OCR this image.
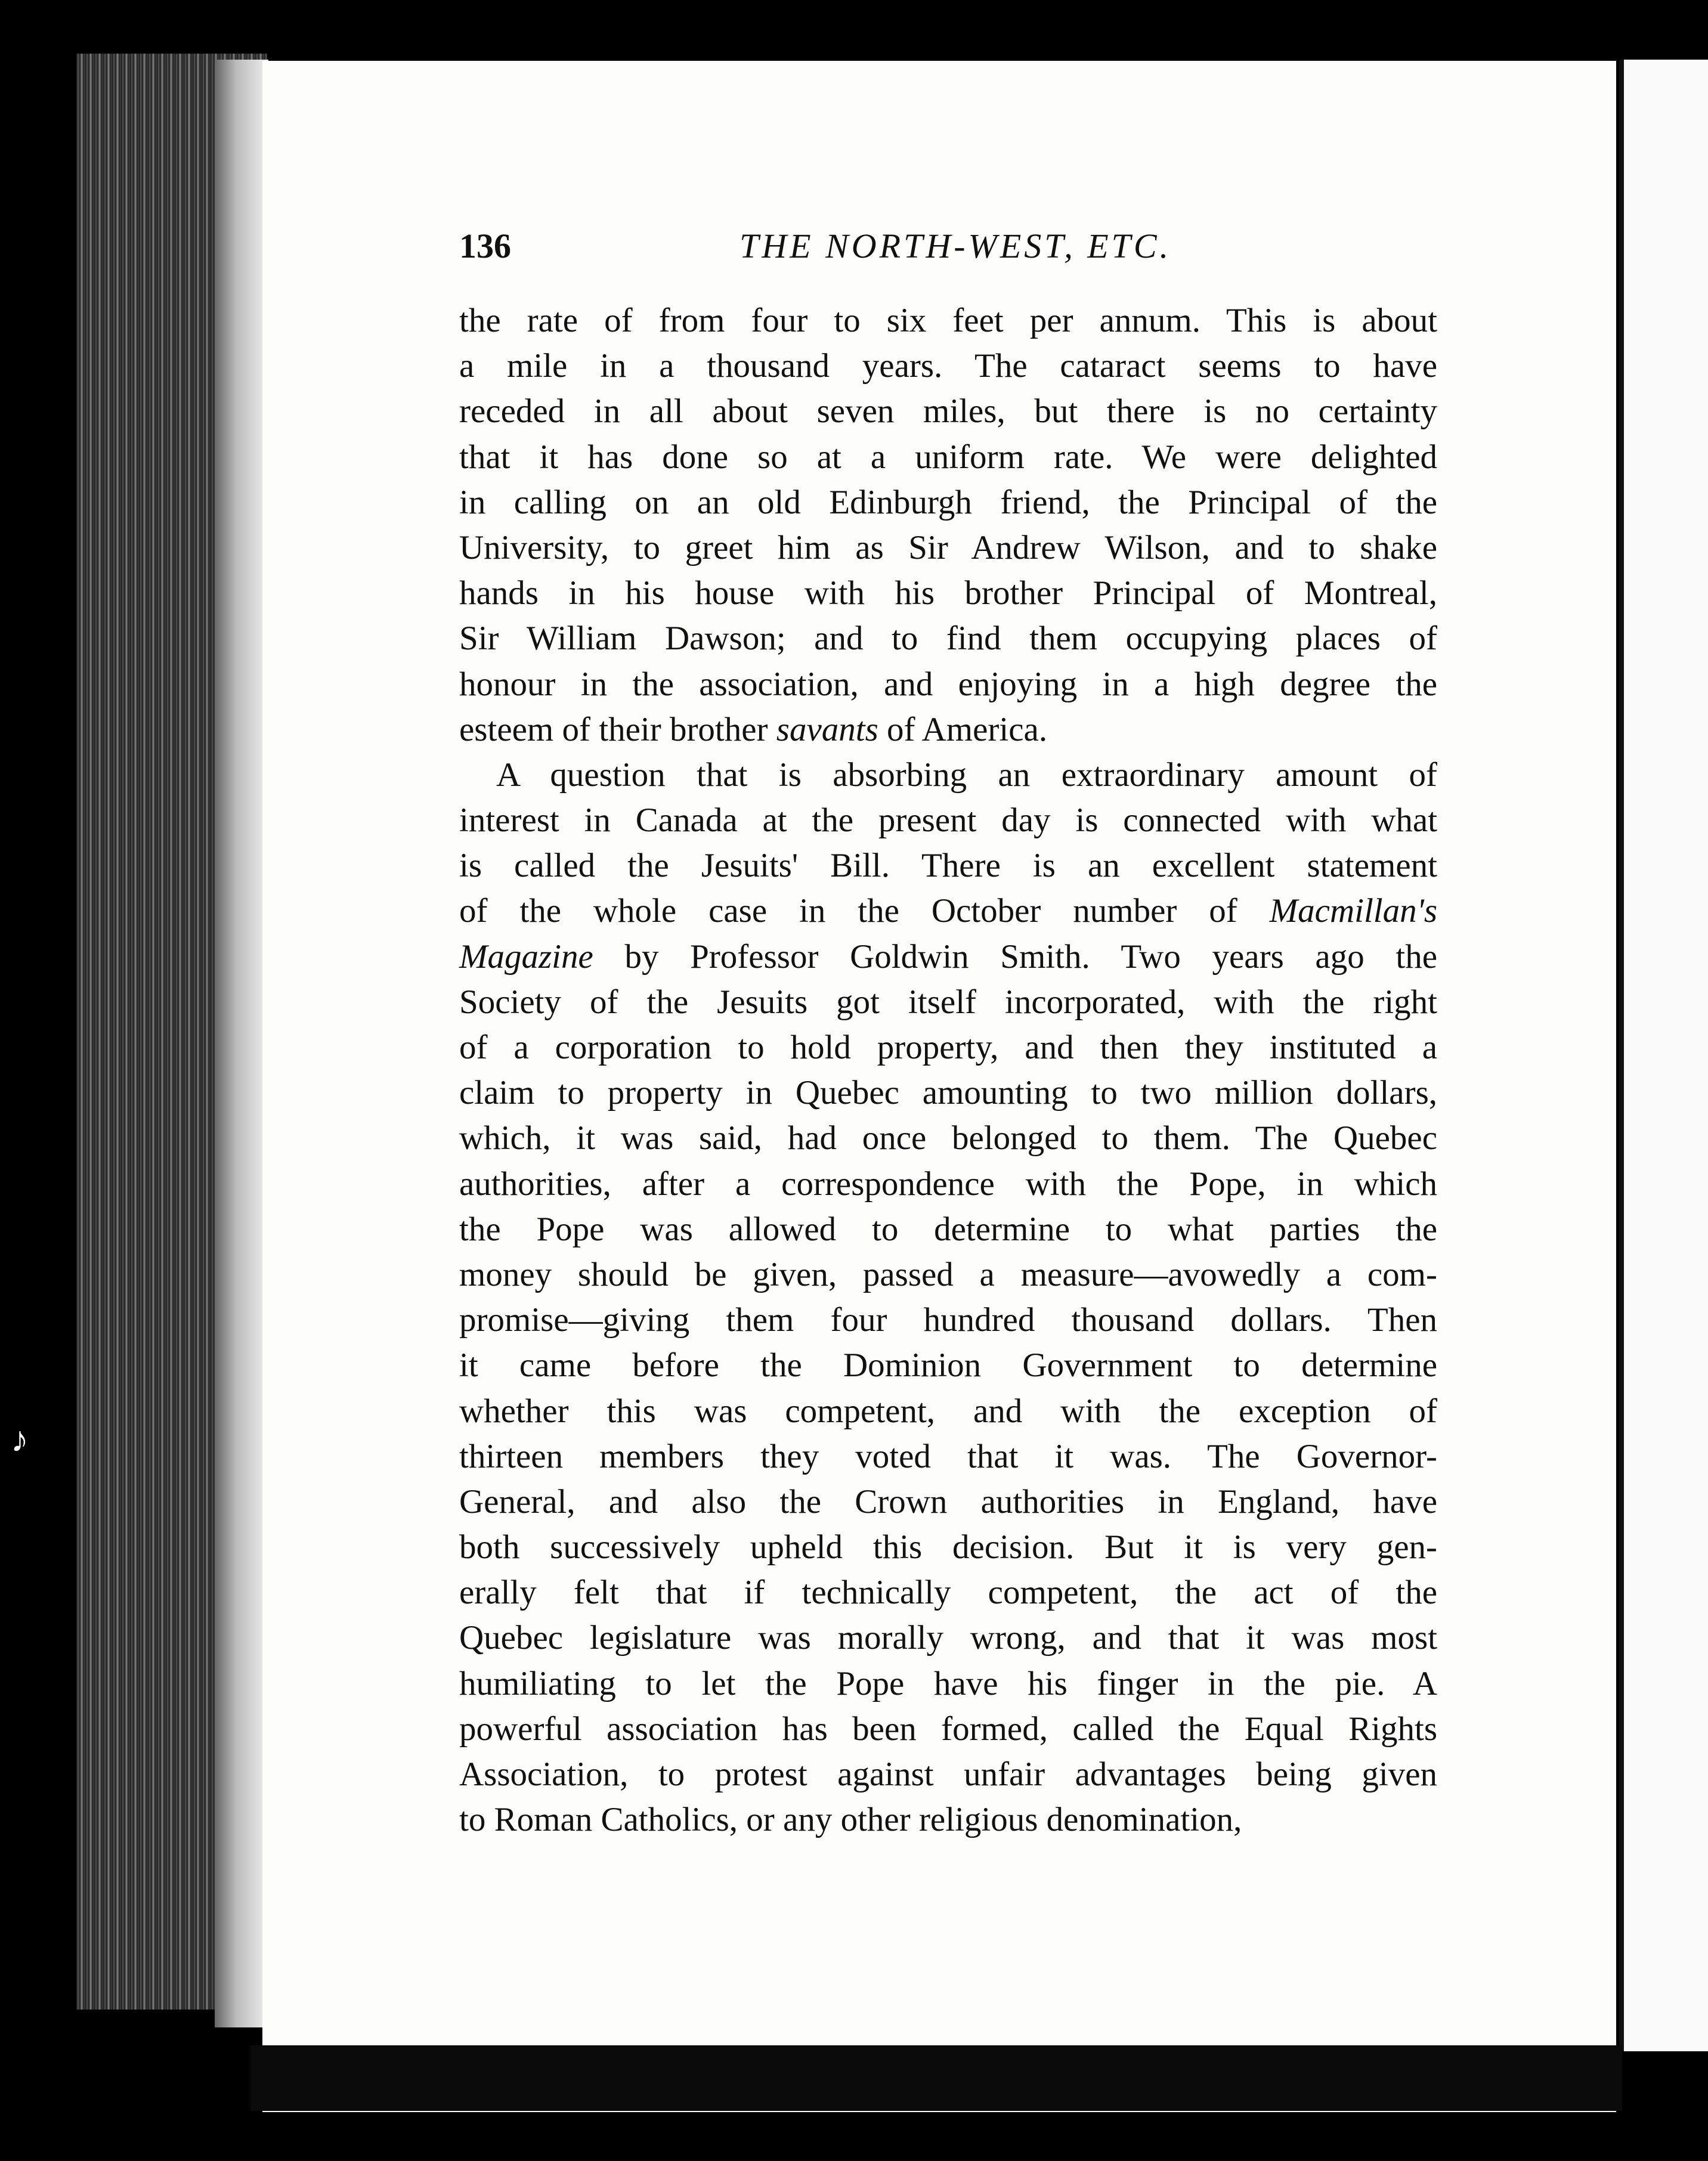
136	THE NORTH-WEST, ETC.
the rate of from four to six feet per annum. This is about
a mile in a thousand years. The cataract seems to have
receded in all about seven miles, but there is no certainty
that it has done so at a uniform rate. We were delighted
in calling on an old Edinburgh friend, the Principal of the
University, to greet him as Sir Andrew Wilson, and to shake
hands in his house with his brother Principal of Montreal,
Sir William Dawson; and to find them occupying places of
honour in the association, and enjoying in a high degree the
esteem of their brother savants of America.
A question that is absorbing an extraordinary amount of
interest in Canada at the present day is connected with what
is called the Jesuits' Bill. There is an excellent statement
of the whole case in the October number of Macmillan's
Magazine by Professor Goldwin Smith. Two years ago the
Society of the Jesuits got itself incorporated, with the right
of a corporation to hold property, and then they instituted a
claim to property in Quebec amounting to two million dollars,
which, it was said, had once belonged to them. The Quebec
authorities, after a correspondence with the Pope, in which
the Pope was allowed to determine to what parties the
money should be given, passed a measure—avowedly a com-
promise—giving them four hundred thousand dollars. Then
it came before the Dominion Government to determine
whether this was competent, and with the exception of
thirteen members they voted that it was. The Governor-
General, and also the Crown authorities in England, have
both successively upheld this decision. But it is very gen-
erally felt that if technically competent, the act of the
Quebec legislature was morally wrong, and that it was most
humiliating to let the Pope have his finger in the pie. A
powerful association has been formed, called the Equal Rights
Association, to protest against unfair advantages being given
to Roman Catholics, or any other religious denomination,
♪
